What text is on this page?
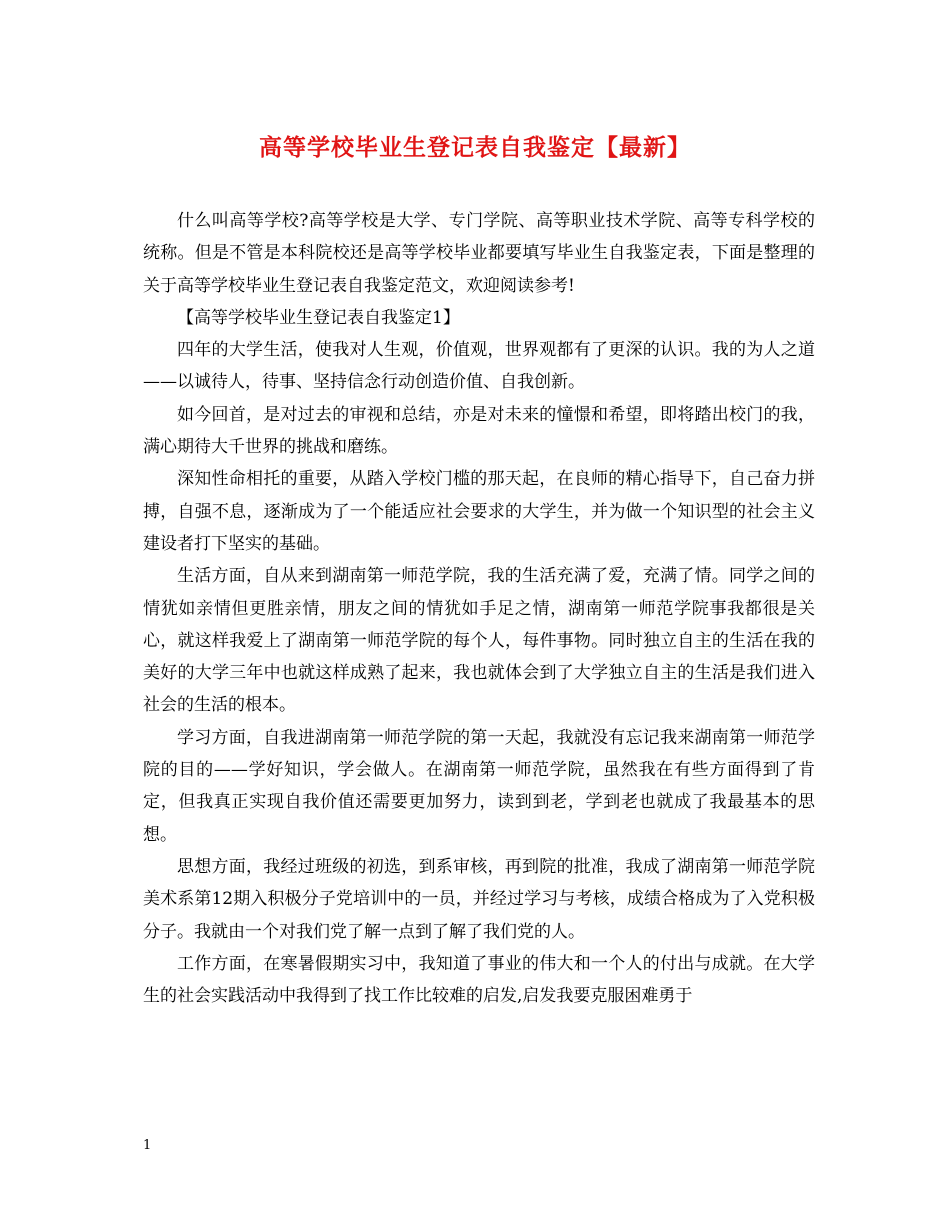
高等学校毕业生登记表自我鉴定【最新】

什么叫高等学校?高等学校是大学、专门学院、高等职业技术学院、高等专科学校的统称。但是不管是本科院校还是高等学校毕业都要填写毕业生自我鉴定表，下面是整理的关于高等学校毕业生登记表自我鉴定范文，欢迎阅读参考!

【高等学校毕业生登记表自我鉴定1】

四年的大学生活，使我对人生观，价值观，世界观都有了更深的认识。我的为人之道——以诚待人，待事、坚持信念行动创造价值、自我创新。

如今回首，是对过去的审视和总结，亦是对未来的憧憬和希望，即将踏出校门的我，满心期待大千世界的挑战和磨练。

深知性命相托的重要，从踏入学校门槛的那天起，在良师的精心指导下，自己奋力拼搏，自强不息，逐渐成为了一个能适应社会要求的大学生，并为做一个知识型的社会主义建设者打下坚实的基础。

生活方面，自从来到湖南第一师范学院，我的生活充满了爱，充满了情。同学之间的情犹如亲情但更胜亲情，朋友之间的情犹如手足之情，湖南第一师范学院事我都很是关心，就这样我爱上了湖南第一师范学院的每个人，每件事物。同时独立自主的生活在我的美好的大学三年中也就这样成熟了起来，我也就体会到了大学独立自主的生活是我们进入社会的生活的根本。

学习方面，自我进湖南第一师范学院的第一天起，我就没有忘记我来湖南第一师范学院的目的——学好知识，学会做人。在湖南第一师范学院，虽然我在有些方面得到了肯定，但我真正实现自我价值还需要更加努力，读到到老，学到老也就成了我最基本的思想。

思想方面，我经过班级的初选，到系审核，再到院的批准，我成了湖南第一师范学院美术系第12期入积极分子党培训中的一员，并经过学习与考核，成绩合格成为了入党积极分子。我就由一个对我们党了解一点到了解了我们党的人。

工作方面，在寒暑假期实习中，我知道了事业的伟大和一个人的付出与成就。在大学生的社会实践活动中我得到了找工作比较难的启发,启发我要克服困难勇于

1
